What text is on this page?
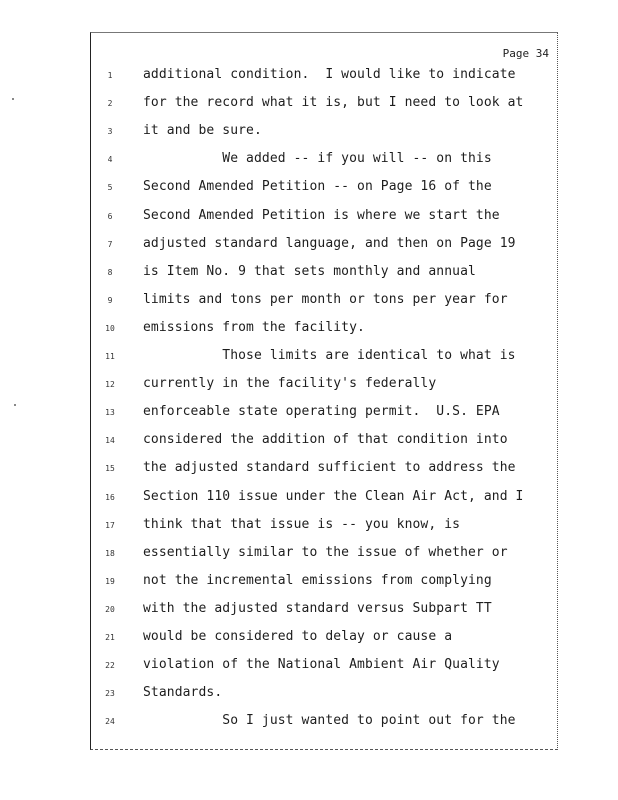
Page 34
1	additional condition.  I would like to indicate
2	for the record what it is, but I need to look at
3	it and be sure.
4	We added -- if you will -- on this
5	Second Amended Petition -- on Page 16 of the
6	Second Amended Petition is where we start the
7	adjusted standard language, and then on Page 19
8	is Item No. 9 that sets monthly and annual
9	limits and tons per month or tons per year for
10	emissions from the facility.
11	Those limits are identical to what is
12	currently in the facility's federally
13	enforceable state operating permit.  U.S. EPA
14	considered the addition of that condition into
15	the adjusted standard sufficient to address the
16	Section 110 issue under the Clean Air Act, and I
17	think that that issue is -- you know, is
18	essentially similar to the issue of whether or
19	not the incremental emissions from complying
20	with the adjusted standard versus Subpart TT
21	would be considered to delay or cause a
22	violation of the National Ambient Air Quality
23	Standards.
24	So I just wanted to point out for the
